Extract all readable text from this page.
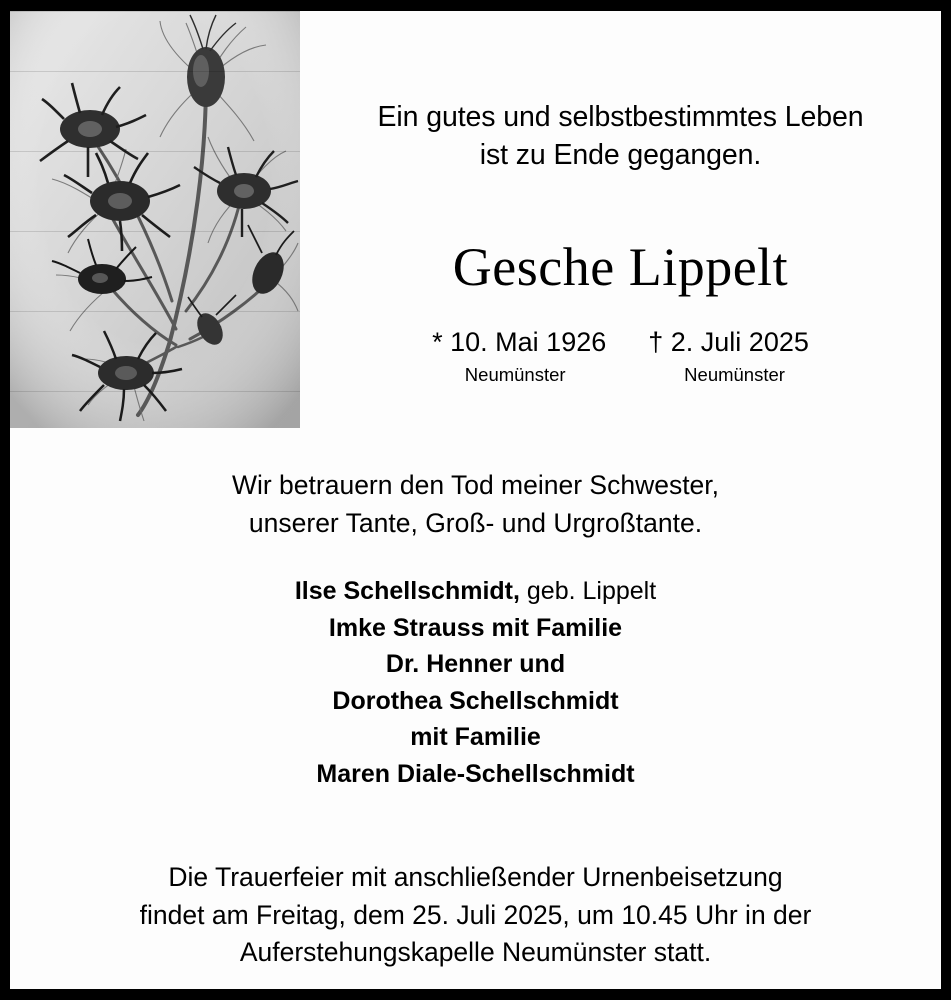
Ein gutes und selbstbestimmtes Leben
ist zu Ende gegangen.
Gesche Lippelt
* 10. Mai 1926
Neumünster
† 2. Juli 2025
Neumünster
Wir betrauern den Tod meiner Schwester,
unserer Tante, Groß- und Urgroßtante.
Ilse Schellschmidt, geb. Lippelt
Imke Strauss mit Familie
Dr. Henner und
Dorothea Schellschmidt
mit Familie
Maren Diale-Schellschmidt
Die Trauerfeier mit anschließender Urnenbeisetzung
findet am Freitag, dem 25. Juli 2025, um 10.45 Uhr in der
Auferstehungskapelle Neumünster statt.
